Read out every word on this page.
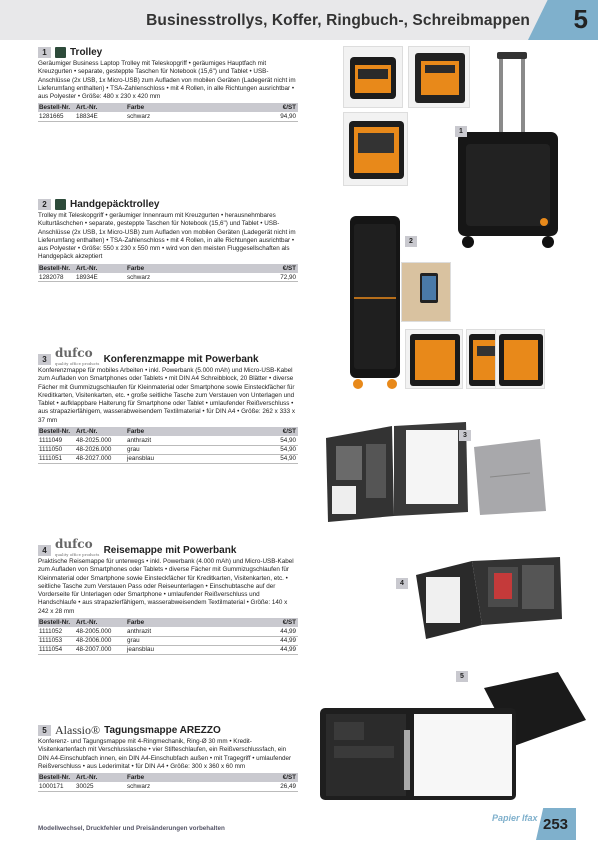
Businesstrollys, Koffer, Ringbuch-, Schreibmappen 5
1	Trolley
Geräumiger Business Laptop Trolley mit Teleskopgriff • geräumiges Hauptfach mit Kreuzgurten • separate, gesteppte Taschen für Notebook (15,6") und Tablet • USB-Anschlüsse (2x USB, 1x Micro-USB) zum Aufladen von mobilen Geräten (Ladegerät nicht im Lieferumfang enthalten) • TSA-Zahlenschloss • mit 4 Rollen, in alle Richtungen ausrichtbar • aus Polyester • Größe: 480 x 230 x 420 mm
Bestell-Nr.	Art.-Nr.	Farbe	€/ST
1281665	18834E	schwarz	94,90
2	Handgepäcktrolley
Trolley mit Teleskopgriff • geräumiger Innenraum mit Kreuzgurten • herausnehmbares Kulturtäschchen • separate, gesteppte Taschen für Notebook (15,6") und Tablet • USB-Anschlüsse (2x USB, 1x Micro-USB) zum Aufladen von mobilen Geräten (Ladegerät nicht im Lieferumfang enthalten) • TSA-Zahlenschloss • mit 4 Rollen, in alle Richtungen ausrichtbar • aus Polyester • Größe: 550 x 230 x 550 mm • wird von den meisten Fluggesellschaften als Handgepäck akzeptiert
Bestell-Nr.	Art.-Nr.	Farbe	€/ST
1282078	18934E	schwarz	72,90
3 dufco
quality office products Konferenzmappe mit Powerbank
Konferenzmappe für mobiles Arbeiten • inkl. Powerbank (5.000 mAh) und Micro-USB-Kabel zum Aufladen von Smartphones oder Tablets • mit DIN A4 Schreibblock, 20 Blätter • diverse Fächer mit Gummizugschlaufen für Kleinmaterial oder Smartphone sowie Einsteckfächer für Kreditkarten, Visitenkarten, etc. • große seitliche Tasche zum Verstauen von Unterlagen und Tablet • aufklappbare Halterung für Smartphone oder Tablet • umlaufender Reißverschluss • aus strapazierfähigem, wasserabweisendem Textilmaterial • für DIN A4 • Größe: 262 x 333 x 37 mm
Bestell-Nr.	Art.-Nr.	Farbe	€/ST
1111049	48-2025.000	anthrazit	54,90
1111050	48-2026.000	grau	54,90
1111051	48-2027.000	jeansblau	54,90
4 dufco
quality office products Reisemappe mit Powerbank
Praktische Reisemappe für unterwegs • inkl. Powerbank (4.000 mAh) und Micro-USB-Kabel zum Aufladen von Smartphones oder Tablets • diverse Fächer mit Gummizugschlaufen für Kleinmaterial oder Smartphone sowie Einsteckfächer für Kreditkarten, Visitenkarten, etc. • seitliche Tasche zum Verstauen Pass oder Reiseunterlagen • Einschubtasche auf der Vorderseite für Unterlagen oder Smartphone • umlaufender Reißverschluss und Handschlaufe • aus strapazierfähigem, wasserabweisendem Textilmaterial • Größe: 140 x 242 x 28 mm
Bestell-Nr.	Art.-Nr.	Farbe	€/ST
1111052	48-2005.000	anthrazit	44,99
1111053	48-2006.000	grau	44,99
1111054	48-2007.000	jeansblau	44,99
5 Alassio® Tagungsmappe AREZZO
Konferenz- und Tagungsmappe mit 4-Ringmechanik, Ring-Ø 30 mm • Kredit-Visitenkartenfach mit Verschlusslasche • vier Stifteschlaufen, ein Reißverschlussfach, ein DIN A4-Einschubfach innen, ein DIN A4-Einschubfach außen • mit Tragegriff • umlaufender Reißverschluss • aus Lederimitat • für DIN A4 • Größe: 300 x 360 x 60 mm
Bestell-Nr.	Art.-Nr.	Farbe	€/ST
1000171	30025	schwarz	26,49
1
2
3
4
5
Modellwechsel, Druckfehler und Preisänderungen vorbehalten
Papier Ifax 253
